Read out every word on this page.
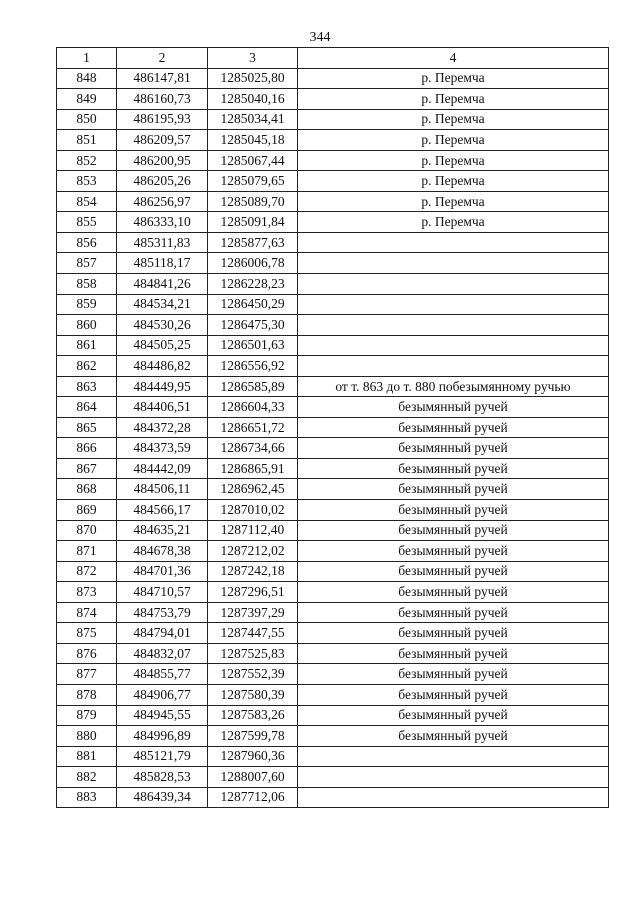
344
1	2	3	4
848	486147,81	1285025,80	р. Перемча
849	486160,73	1285040,16	р. Перемча
850	486195,93	1285034,41	р. Перемча
851	486209,57	1285045,18	р. Перемча
852	486200,95	1285067,44	р. Перемча
853	486205,26	1285079,65	р. Перемча
854	486256,97	1285089,70	р. Перемча
855	486333,10	1285091,84	р. Перемча
856	485311,83	1285877,63	
857	485118,17	1286006,78	
858	484841,26	1286228,23	
859	484534,21	1286450,29	
860	484530,26	1286475,30	
861	484505,25	1286501,63	
862	484486,82	1286556,92	
863	484449,95	1286585,89	от т. 863 до т. 880 побезымянному ручью
864	484406,51	1286604,33	безымянный ручей
865	484372,28	1286651,72	безымянный ручей
866	484373,59	1286734,66	безымянный ручей
867	484442,09	1286865,91	безымянный ручей
868	484506,11	1286962,45	безымянный ручей
869	484566,17	1287010,02	безымянный ручей
870	484635,21	1287112,40	безымянный ручей
871	484678,38	1287212,02	безымянный ручей
872	484701,36	1287242,18	безымянный ручей
873	484710,57	1287296,51	безымянный ручей
874	484753,79	1287397,29	безымянный ручей
875	484794,01	1287447,55	безымянный ручей
876	484832,07	1287525,83	безымянный ручей
877	484855,77	1287552,39	безымянный ручей
878	484906,77	1287580,39	безымянный ручей
879	484945,55	1287583,26	безымянный ручей
880	484996,89	1287599,78	безымянный ручей
881	485121,79	1287960,36	
882	485828,53	1288007,60	
883	486439,34	1287712,06	
